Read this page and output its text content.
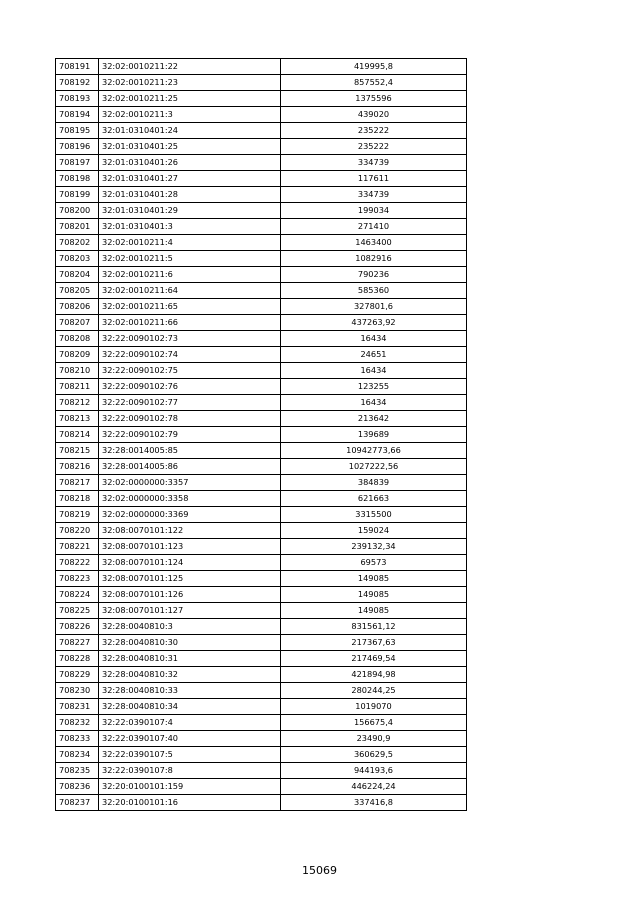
708191	32:02:0010211:22	419995,8
708192	32:02:0010211:23	857552,4
708193	32:02:0010211:25	1375596
708194	32:02:0010211:3	439020
708195	32:01:0310401:24	235222
708196	32:01:0310401:25	235222
708197	32:01:0310401:26	334739
708198	32:01:0310401:27	117611
708199	32:01:0310401:28	334739
708200	32:01:0310401:29	199034
708201	32:01:0310401:3	271410
708202	32:02:0010211:4	1463400
708203	32:02:0010211:5	1082916
708204	32:02:0010211:6	790236
708205	32:02:0010211:64	585360
708206	32:02:0010211:65	327801,6
708207	32:02:0010211:66	437263,92
708208	32:22:0090102:73	16434
708209	32:22:0090102:74	24651
708210	32:22:0090102:75	16434
708211	32:22:0090102:76	123255
708212	32:22:0090102:77	16434
708213	32:22:0090102:78	213642
708214	32:22:0090102:79	139689
708215	32:28:0014005:85	10942773,66
708216	32:28:0014005:86	1027222,56
708217	32:02:0000000:3357	384839
708218	32:02:0000000:3358	621663
708219	32:02:0000000:3369	3315500
708220	32:08:0070101:122	159024
708221	32:08:0070101:123	239132,34
708222	32:08:0070101:124	69573
708223	32:08:0070101:125	149085
708224	32:08:0070101:126	149085
708225	32:08:0070101:127	149085
708226	32:28:0040810:3	831561,12
708227	32:28:0040810:30	217367,63
708228	32:28:0040810:31	217469,54
708229	32:28:0040810:32	421894,98
708230	32:28:0040810:33	280244,25
708231	32:28:0040810:34	1019070
708232	32:22:0390107:4	156675,4
708233	32:22:0390107:40	23490,9
708234	32:22:0390107:5	360629,5
708235	32:22:0390107:8	944193,6
708236	32:20:0100101:159	446224,24
708237	32:20:0100101:16	337416,8
15069
